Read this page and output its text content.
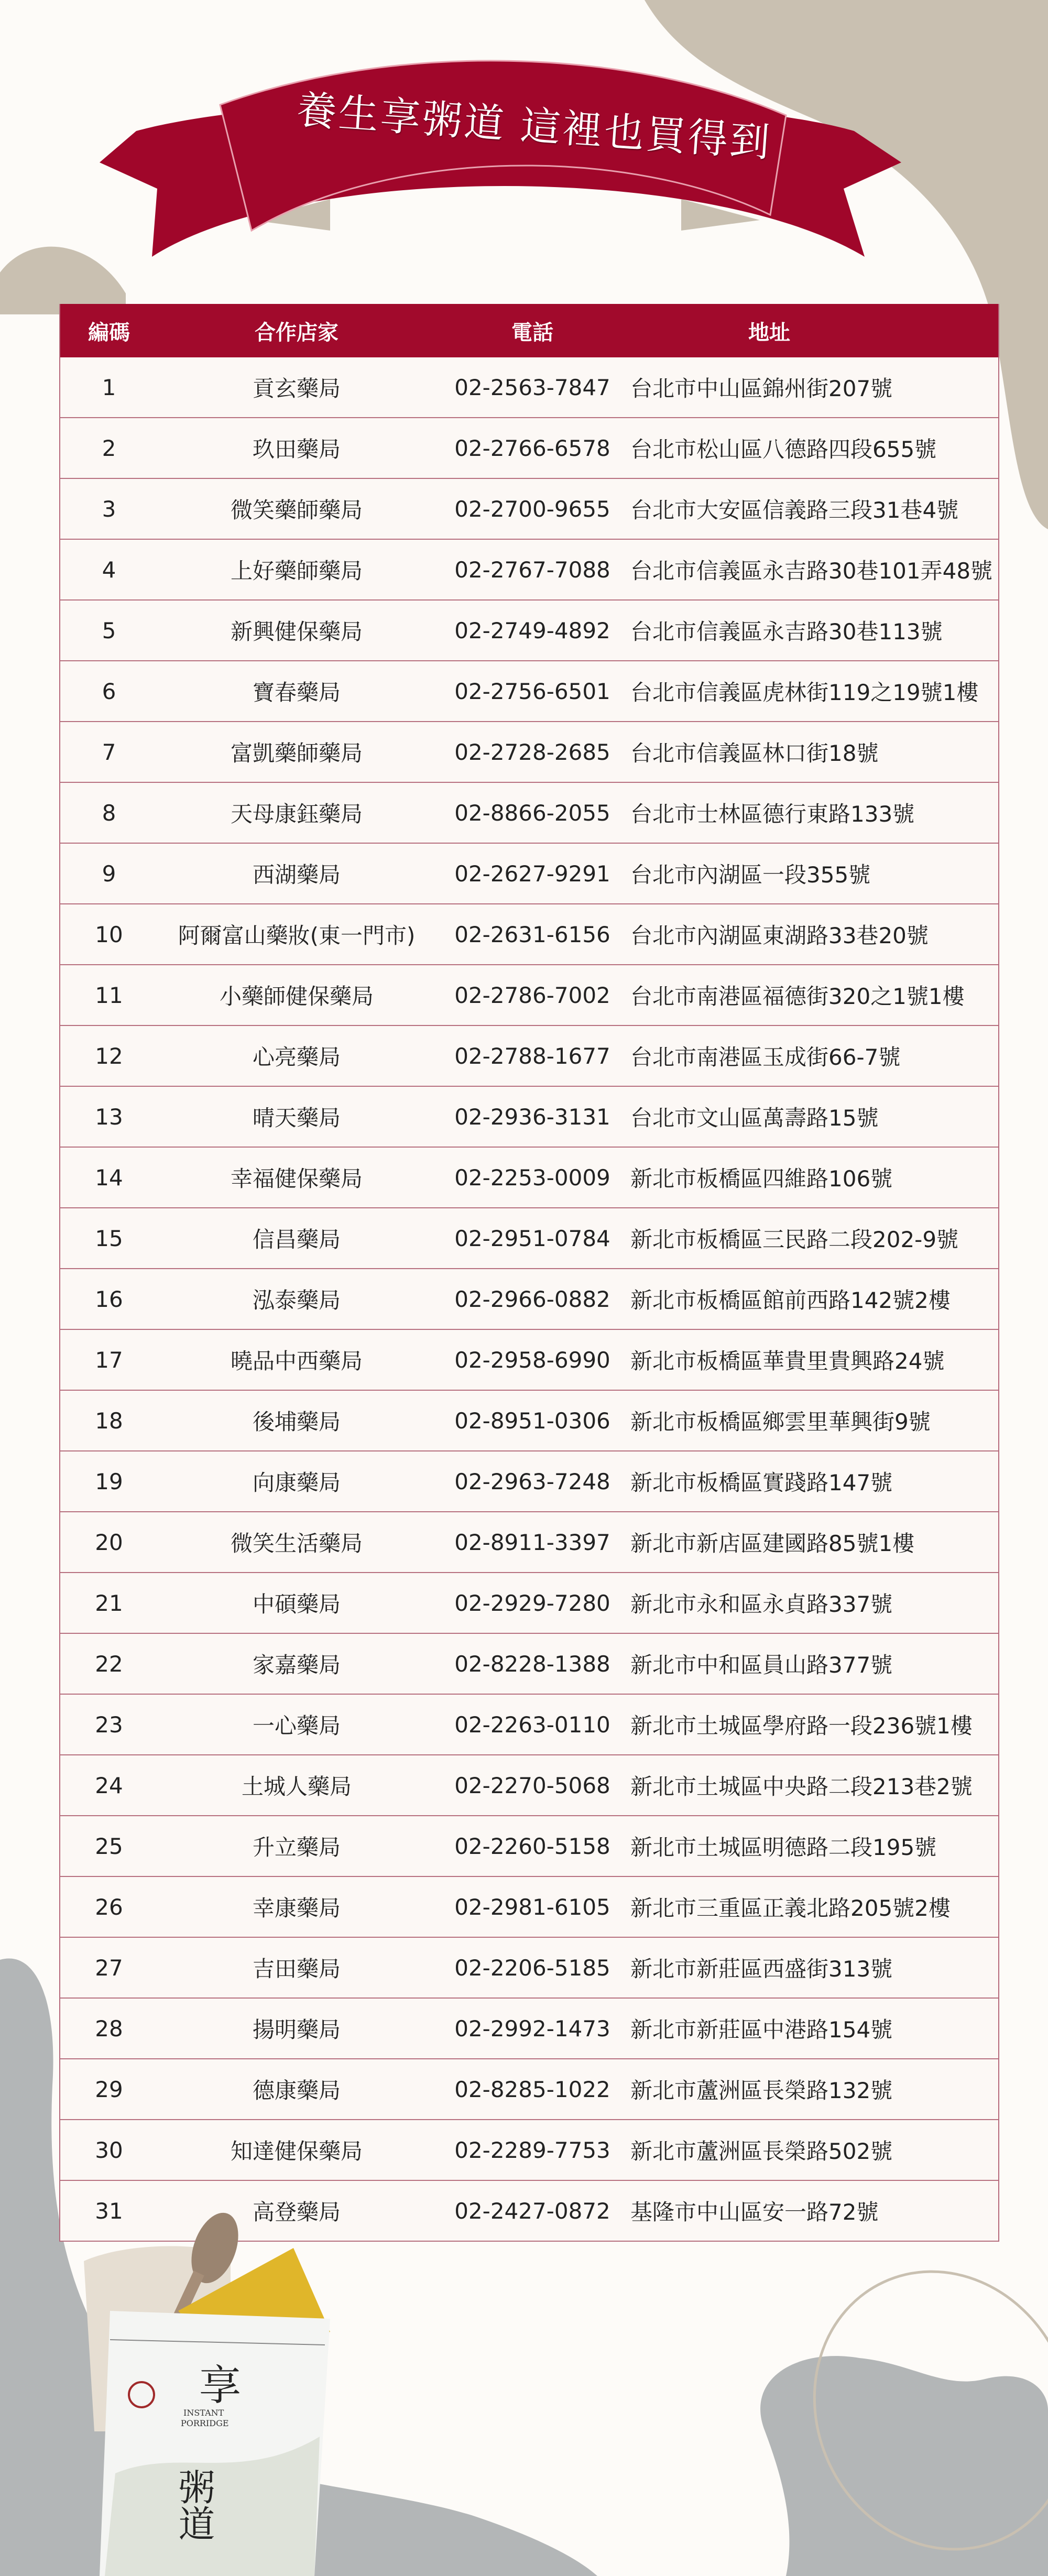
養生享粥道 這裡也買得到
編碼	合作店家	電話	地址
1	貢玄藥局	02-2563-7847 台北市中山區錦州街207號
2	玖田藥局	02-2766-6578 台北市松山區八德路四段655號
3	微笑藥師藥局	02-2700-9655 台北市大安區信義路三段31巷4號
4	上好藥師藥局	02-2767-7088 台北市信義區永吉路30巷101弄48號
5	新興健保藥局	02-2749-4892 台北市信義區永吉路30巷113號
6	寶春藥局	02-2756-6501 台北市信義區虎林街119之19號1樓
7	富凱藥師藥局	02-2728-2685 台北市信義區林口街18號
8	天母康鈺藥局	02-8866-2055 台北市士林區德行東路133號
9	西湖藥局	02-2627-9291 台北市內湖區一段355號
10	阿爾富山藥妝(東一門市)	02-2631-6156 台北市內湖區東湖路33巷20號
11	小藥師健保藥局	02-2786-7002 台北市南港區福德街320之1號1樓
12	心亮藥局	02-2788-1677 台北市南港區玉成街66-7號
13	晴天藥局	02-2936-3131 台北市文山區萬壽路15號
14	幸福健保藥局	02-2253-0009 新北市板橋區四維路106號
15	信昌藥局	02-2951-0784 新北市板橋區三民路二段202-9號
16	泓泰藥局	02-2966-0882 新北市板橋區館前西路142號2樓
17	曉品中西藥局	02-2958-6990 新北市板橋區華貴里貴興路24號
18	後埔藥局	02-8951-0306 新北市板橋區鄉雲里華興街9號
19	向康藥局	02-2963-7248 新北市板橋區實踐路147號
20	微笑生活藥局	02-8911-3397 新北市新店區建國路85號1樓
21	中碩藥局	02-2929-7280 新北市永和區永貞路337號
22	家嘉藥局	02-8228-1388 新北市中和區員山路377號
23	一心藥局	02-2263-0110 新北市土城區學府路一段236號1樓
24	土城人藥局	02-2270-5068 新北市土城區中央路二段213巷2號
25	升立藥局	02-2260-5158 新北市土城區明德路二段195號
26	幸康藥局	02-2981-6105 新北市三重區正義北路205號2樓
27	吉田藥局	02-2206-5185 新北市新莊區西盛街313號
28	揚明藥局	02-2992-1473 新北市新莊區中港路154號
29	德康藥局	02-8285-1022 新北市蘆洲區長榮路132號
30	知達健保藥局	02-2289-7753 新北市蘆洲區長榮路502號
31	高登藥局	02-2427-0872 基隆市中山區安一路72號
享
INSTANT
PORRIDGE
粥道
